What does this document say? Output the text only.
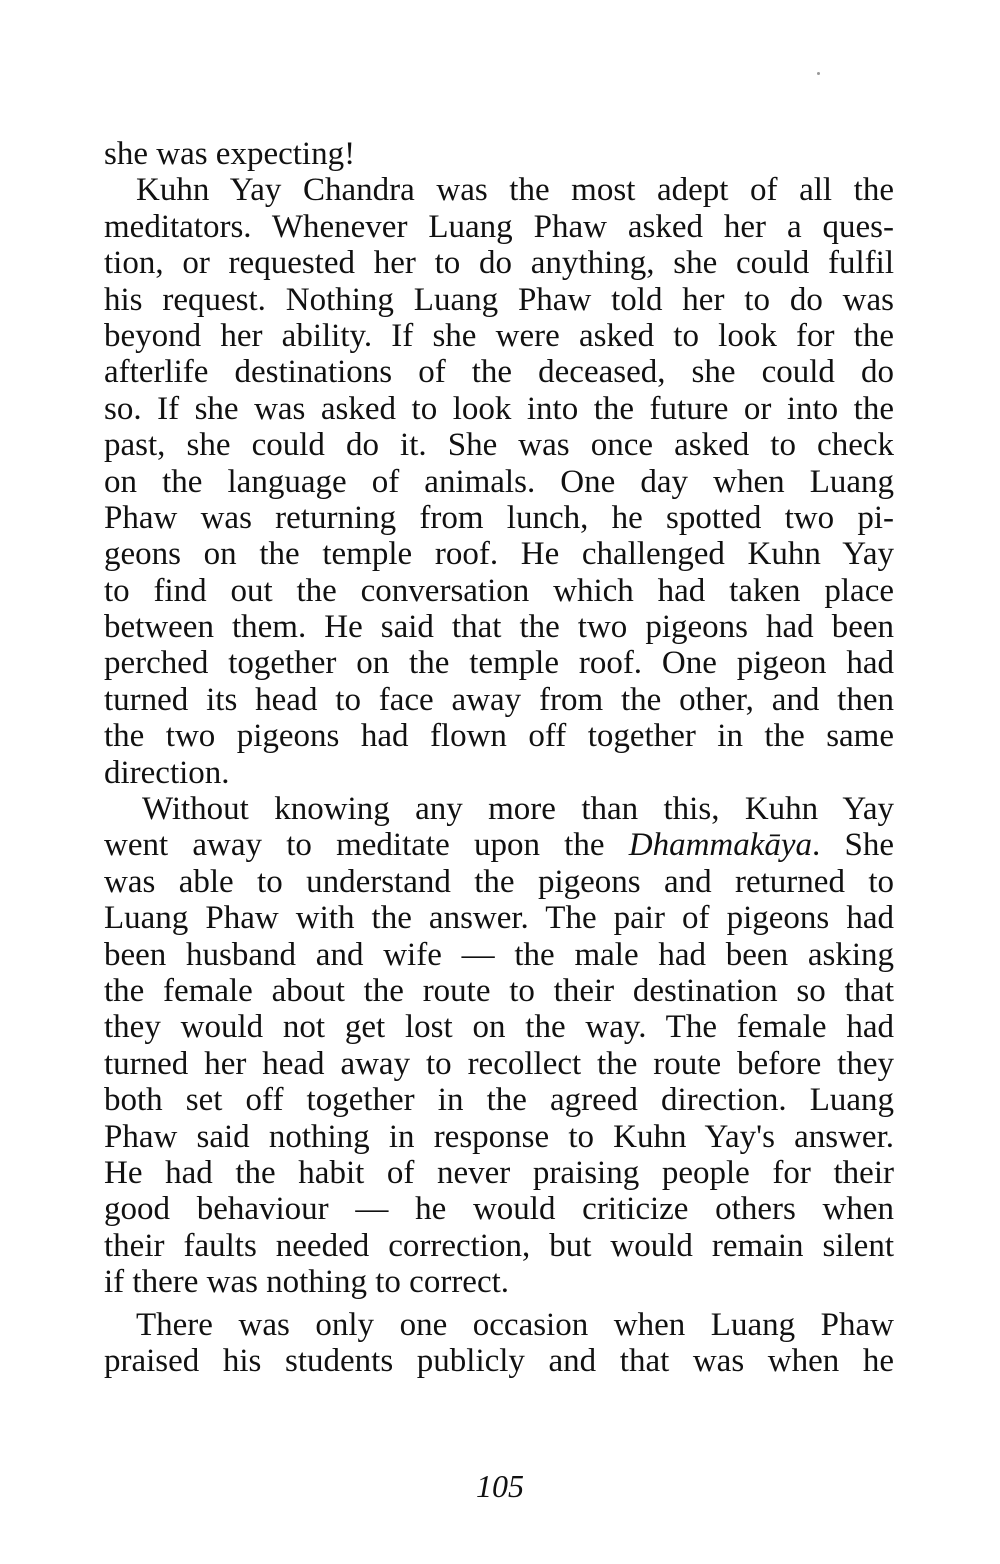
she was expecting!
Kuhn Yay Chandra was the most adept of all the
meditators. Whenever Luang Phaw asked her a ques-
tion, or requested her to do anything, she could fulfil
his request. Nothing Luang Phaw told her to do was
beyond her ability. If she were asked to look for the
afterlife destinations of the deceased, she could do
so. If she was asked to look into the future or into the
past, she could do it. She was once asked to check
on the language of animals. One day when Luang
Phaw was returning from lunch, he spotted two pi-
geons on the temple roof. He challenged Kuhn Yay
to find out the conversation which had taken place
between them. He said that the two pigeons had been
perched together on the temple roof. One pigeon had
turned its head to face away from the other, and then
the two pigeons had flown off together in the same
direction.
Without knowing any more than this, Kuhn Yay
went away to meditate upon the Dhammakāya. She
was able to understand the pigeons and returned to
Luang Phaw with the answer. The pair of pigeons had
been husband and wife — the male had been asking
the female about the route to their destination so that
they would not get lost on the way. The female had
turned her head away to recollect the route before they
both set off together in the agreed direction. Luang
Phaw said nothing in response to Kuhn Yay's answer.
He had the habit of never praising people for their
good behaviour — he would criticize others when
their faults needed correction, but would remain silent
if there was nothing to correct.
There was only one occasion when Luang Phaw
praised his students publicly and that was when he
105
